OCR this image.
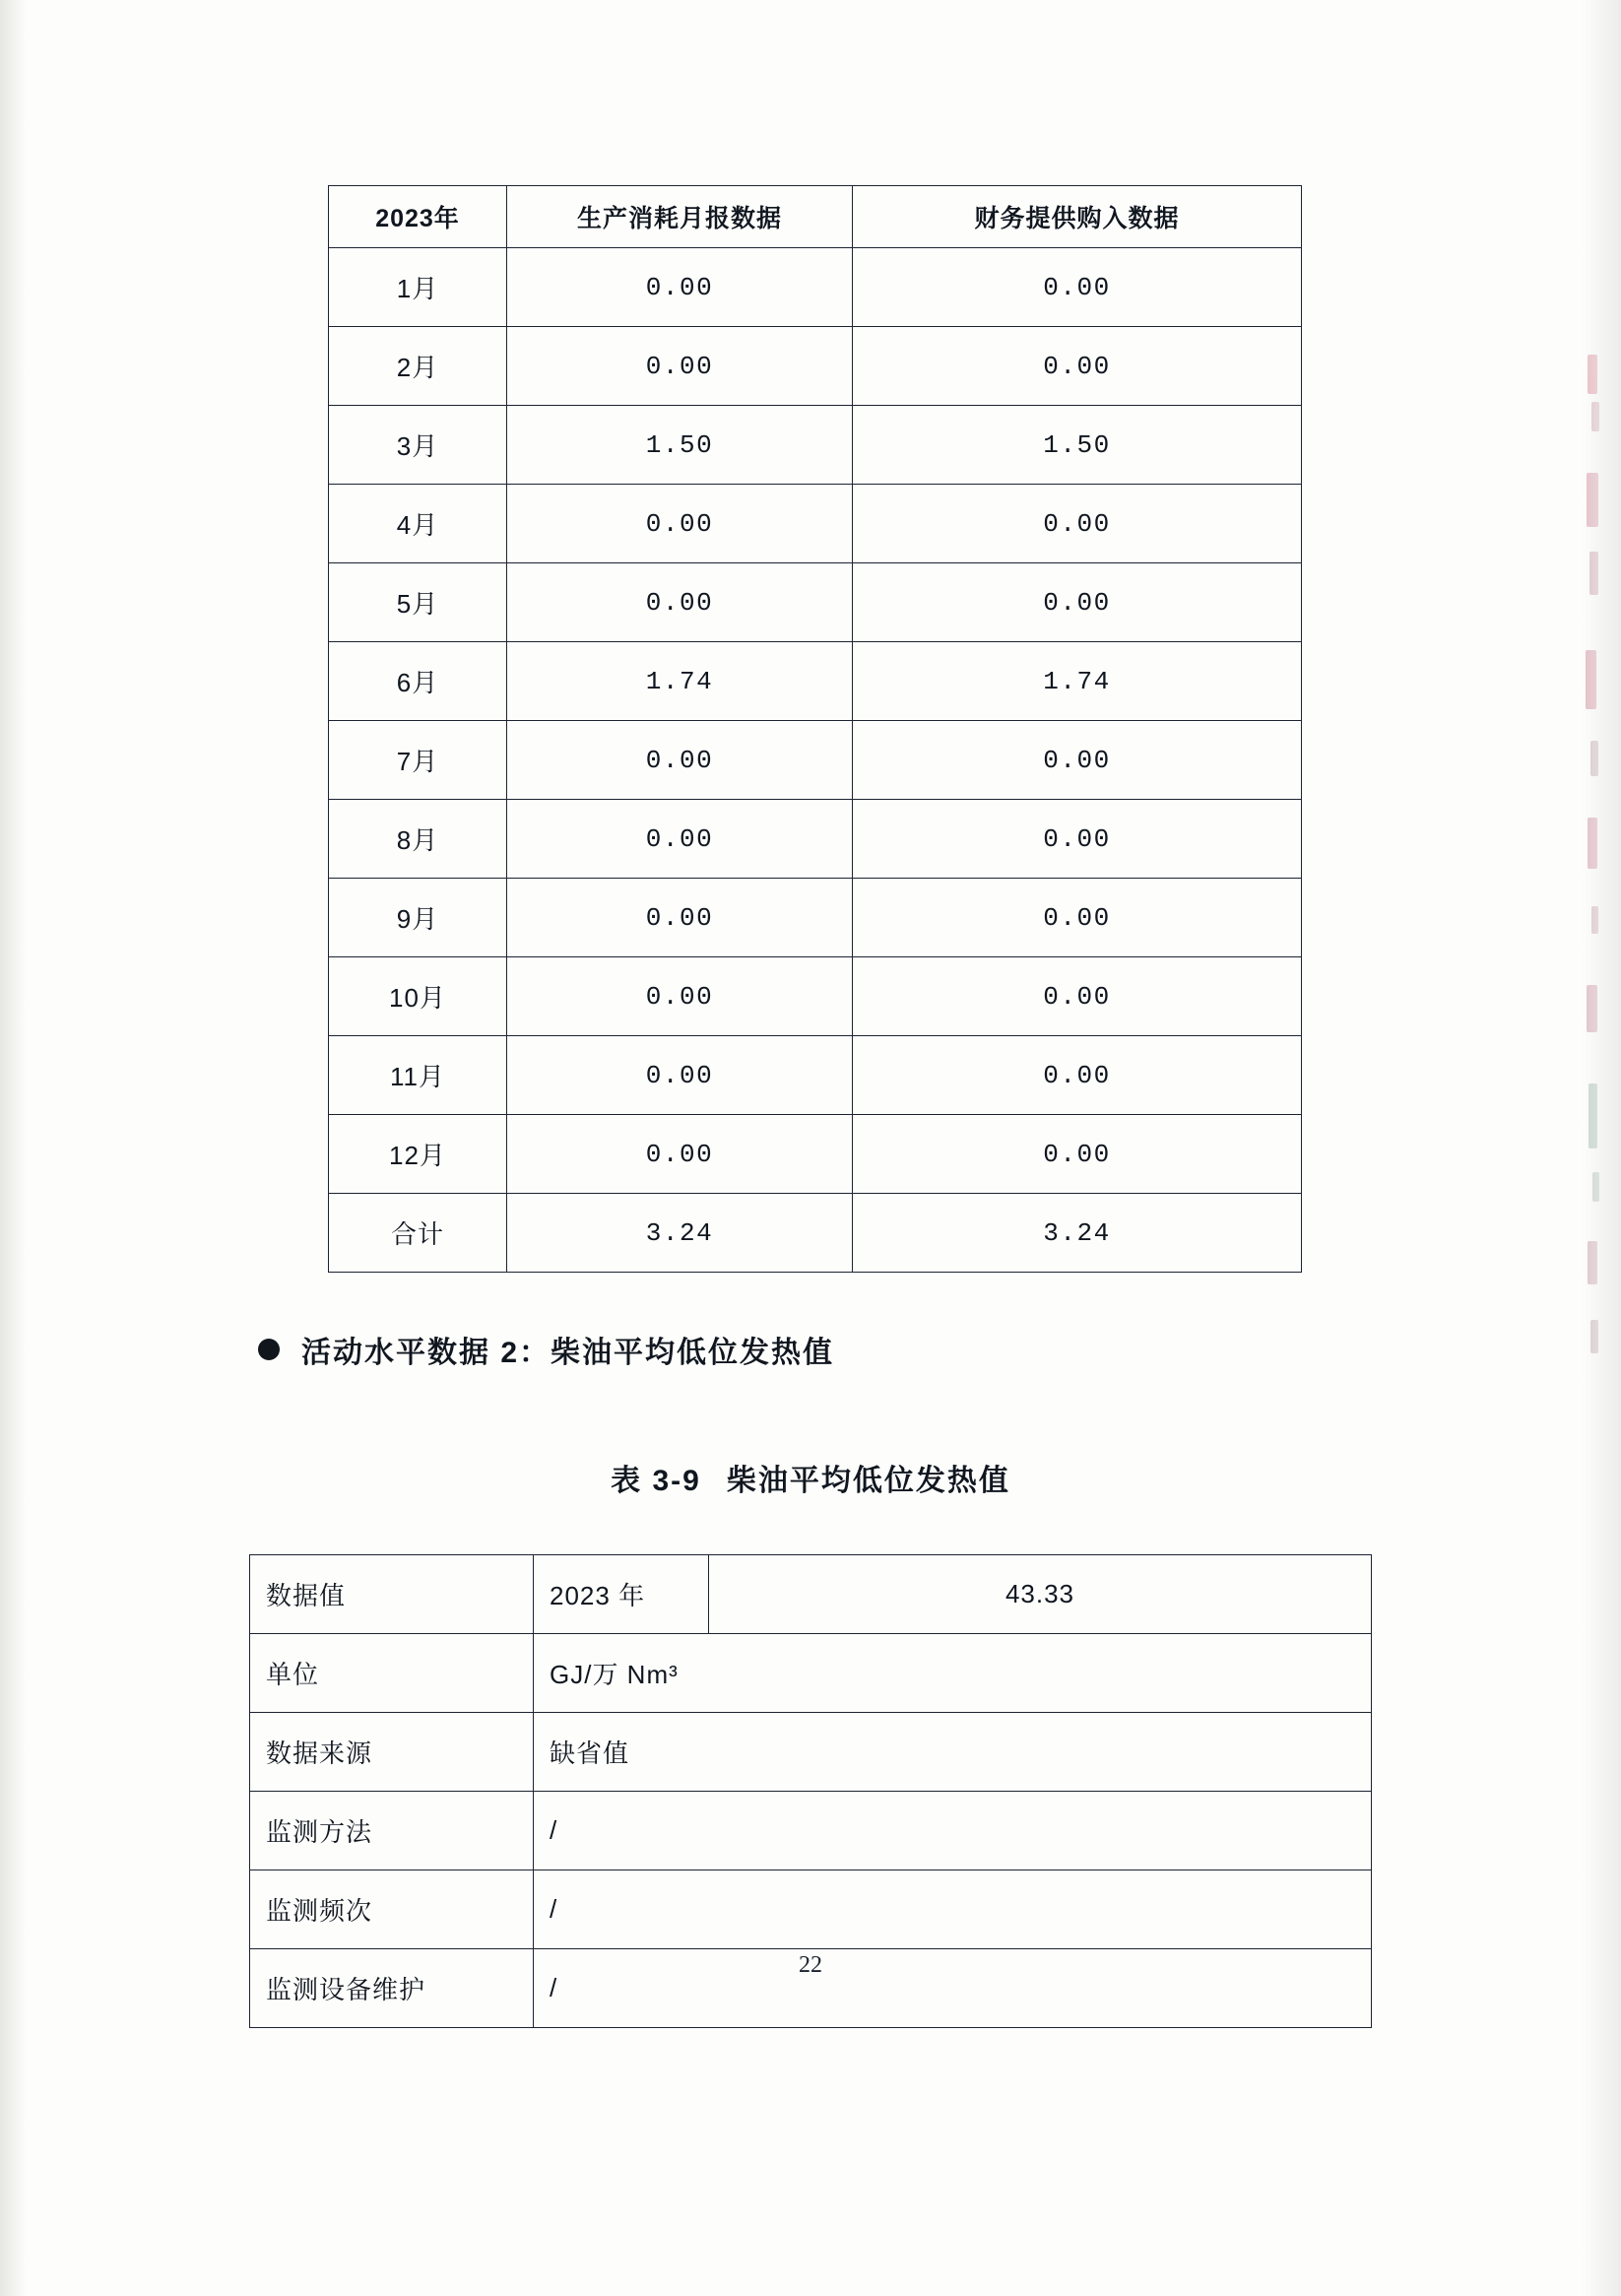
2023年	生产消耗月报数据	财务提供购入数据
1月	0.00	0.00
2月	0.00	0.00
3月	1.50	1.50
4月	0.00	0.00
5月	0.00	0.00
6月	1.74	1.74
7月	0.00	0.00
8月	0.00	0.00
9月	0.00	0.00
10月	0.00	0.00
11月	0.00	0.00
12月	0.00	0.00
合计	3.24	3.24
活动水平数据 2：柴油平均低位发热值
表 3-9 柴油平均低位发热值
数据值	2023 年	43.33
单位	GJ/万 Nm³	
数据来源	缺省值	
监测方法	/	
监测频次	/	
监测设备维护	/	
22
